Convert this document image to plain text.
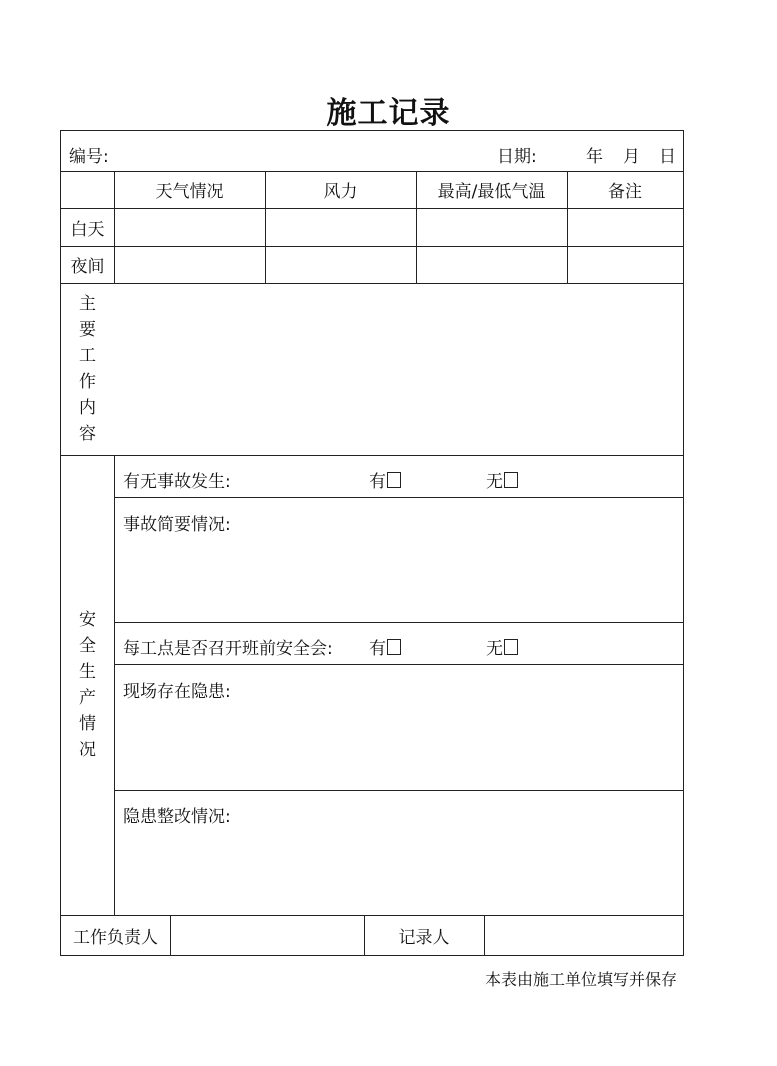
施工记录
编号:	日期:	年 月 日
天气情况	风力	最高/最低气温	备注
白天
夜间
主
要
工
作
内
容
安
全
生
产
情
况
有无事故发生:	有	无
事故简要情况:
每工点是否召开班前安全会: 有	无
现场存在隐患:
隐患整改情况:
工作负责人	记录人
本表由施工单位填写并保存
